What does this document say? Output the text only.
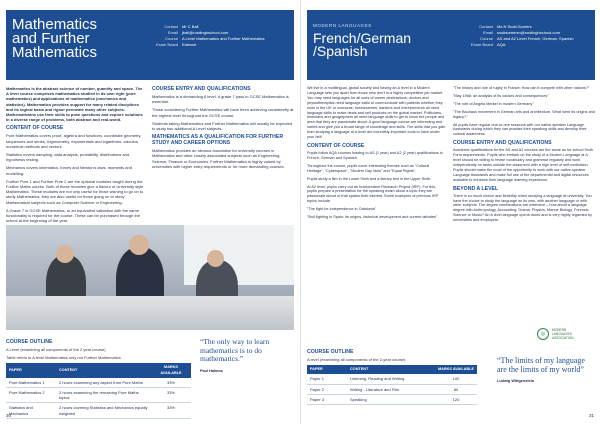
Mathematics
and Further
Mathematics
Contact	Mr C Ball
Email	jball@rowlinghschool.com
Course	A Level Mathematics and Further Mathematics
Exam Board	Edexcel

Mathematics is the abstract science of number, quantity and space. The A level course comprises mathematics studied in its own right (pure mathematics) and applications of mathematics (mechanics and statistics). Mathematics provides support for many related disciplines and its logical basis and rigour permeate many other subjects. Mathematicians use their skills to pose questions and explore solutions in a diverse range of problems, both abstract and real-world.

CONTENT OF COURSE

Pure Mathematics covers proof, algebra and functions, coordinate geometry, sequences and series, trigonometry, exponentials and logarithms, calculus, numerical methods and vectors.

Statistics covers sampling, data analysis, probability, distributions and hypothesis testing.

Mechanics covers kinematics, forces and Newton's laws, moments and modelling.

Further Pure 1 and Further Pure 2 are the optional modules taught during the Further Maths course. Both of these modules give a flavour of University style Mathematics. These modules are not only useful for those wishing to go on to study Mathematics; they are also useful for those going on to study Mathematical subjects such as Computer Science or Engineering.

A Grade 7 in GCSE Mathematics, or an equivalent validation with the same functionality is required for the course. These can be purchased through the school at the beginning of the year.

COURSE ENTRY AND QUALIFICATIONS

Mathematics is a demanding A level. A grade 7 pass in GCSE Mathematics is essential.

Those considering Further Mathematics will have been achieving consistently at the highest level throughout the GCSE course.

Students taking Mathematics and Further Mathematics will usually be expected to study two additional A Level subjects.

MATHEMATICS AS A QUALIFICATION FOR FURTHER STUDY AND CAREER OPTIONS

Mathematics provides an obvious foundation for university courses in Mathematics and other closely associated subjects such as Engineering, Science, Finance or Economics. Further Mathematics is highly valued by universities with higher entry requirements or for more demanding courses.

COURSE OUTLINE
A Level (examining all components of the 2 year course)
Table refers to A level Mathematics only not Further Mathematics
PAPER	CONTENT	MARKS AVAILABLE
Pure Mathematics 1	2 hours examining any aspect from Pure Maths	33%
Pure Mathematics 2	2 hours examining the remaining Pure Maths topics	33%
Statistics and Mechanics	2 hours covering Statistics and Mechanics equally weighted	33%
“The only way to learn mathematics is to do mathematics.”
Paul Halmos
30
MODERN LANGUAGES
French/German
/Spanish
Contact	Ms N Scott-Somers
Email	scottsomersn@rowlinghschool.com
Course	AS and A2 Level French, German, Spanish
Exam Board	AQA

We live in a multilingual, global society and having an A level in a Modern Language sets you apart from those who don't in a highly competitive job market. You may need languages for all sorts of career destinations; doctors and physiotherapists need language skills to communicate with patients whether they work in the UK or overseas; businessmen, bankers and entrepreneurs all need language skills to make deals and sell products on the global market. Politicians, historians and geographers all need language skills to get to know the people and area that they are passionate about. A good language course are interesting and varied and give you a broad range of knowledge and skills. The skills that you gain from studying a language at A level are incredibly important tools to have under your belt.

CONTENT OF COURSE

Pupils follow AQA courses leading to AS (1 year) and A2 (2 year) qualifications in French, German and Spanish.

Throughout the course, pupils cover interesting themes such as "Cultural Heritage", "Cyberspace", "Modern Day Idols" and "Equal Rights".

Pupils study a film in the Lower Sixth and a literary text in the Upper Sixth.

At A2 level, pupils carry out an Independent Research Project (IRP). For this, pupils prepare a presentation for the speaking exam about a topic they are passionate about or that sparks their interest. Some examples of previous IRP topics include:

"The fight for independence in Catalonia"

"Bull-fighting in Spain: its origins, historical development and current debates"

"The history and role of rugby in France: How can it compete with other nations?"

"May 1968: an analysis of its causes and consequences"

"The role of Angela Merkel in modern Germany"

"The Bauhaus movement in German arts and architecture. What were its origins and legacy?"

All pupils have regular one-to-one sessions with our native-speaker Language Assistants during which they can practise their speaking skills and develop their cultural awareness.

COURSE ENTRY AND QUALIFICATIONS

Academic qualifications for the AS and A2 courses are the same as for school Sixth Form requirements. Pupils who embark on the study of a Modern Language at A level should be willing to revise vocabulary and grammar regularly and work independently on tasks outside the classroom with a high level of self-motivation. Pupils should make the most of the opportunity to work with our native-speaker Language Assistants and make full use of the departmental and digital resources available to enhance their language learning experience.

BEYOND A LEVEL

There is so much choice and flexibility when studying a language at university. You have the choice to study the language on its own, with another language or with other subjects. The degree combinations are extensive – how about a language degree with Anthropology, Accounting, Drama, Physics, Marine Biology, Forensic Science or Music? An A level language opens doors and is very highly regarded by universities and employers.

◎
MODERN
LANGUAGES
ASSOCIATION
COURSE OUTLINE
A level (examining all components of the 2-year course)
PAPER	CONTENT	MARKS AVAILABLE
Paper 1	Listening, Reading and Writing	100
Paper 2	Writing - Literature and Film	80
Paper 3	Speaking	120
“The limits of my language are the limits of my world”
Ludwig Wittgenstein
31
